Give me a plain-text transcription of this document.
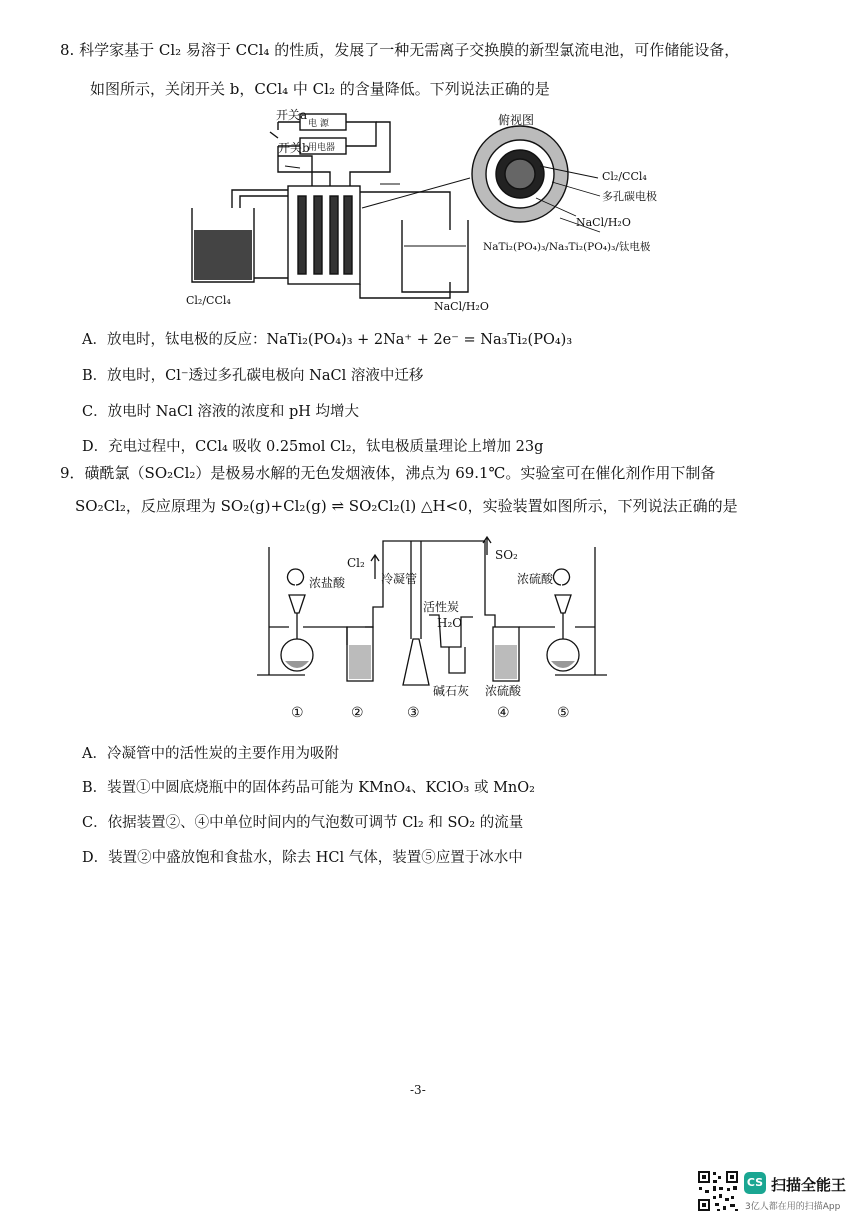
8. 科学家基于 Cl₂ 易溶于 CCl₄ 的性质，发展了一种无需离子交换膜的新型氯流电池，可作储能设备，
如图所示，关闭开关 b，CCl₄ 中 Cl₂ 的含量降低。下列说法正确的是
开关a
开关b
电 源
用电器
俯视图
Cl₂/CCl₄
多孔碳电极
NaCl/H₂O
NaTi₂(PO₄)₃/Na₃Ti₂(PO₄)₃/钛电极
Cl₂/CCl₄	NaCl/H₂O
A．放电时，钛电极的反应：NaTi₂(PO₄)₃ + 2Na⁺ + 2e⁻ = Na₃Ti₂(PO₄)₃
B．放电时，Cl⁻透过多孔碳电极向 NaCl 溶液中迁移
C．放电时 NaCl 溶液的浓度和 pH 均增大
D．充电过程中，CCl₄ 吸收 0.25mol Cl₂，钛电极质量理论上增加 23g
9．磺酰氯（SO₂Cl₂）是极易水解的无色发烟液体，沸点为 69.1℃。实验室可在催化剂作用下制备
SO₂Cl₂，反应原理为 SO₂(g)+Cl₂(g) ⇌ SO₂Cl₂(l) △H<0，实验装置如图所示，下列说法正确的是
Cl₂
SO₂
浓盐酸	冷凝管
活性炭
H₂O
浓硫酸
碱石灰 浓硫酸
①	②	③	④	⑤
A．冷凝管中的活性炭的主要作用为吸附
B．装置①中圆底烧瓶中的固体药品可能为 KMnO₄、KClO₃ 或 MnO₂
C．依据装置②、④中单位时间内的气泡数可调节 Cl₂ 和 SO₂ 的流量
D．装置②中盛放饱和食盐水，除去 HCl 气体，装置⑤应置于冰水中
-3-
CS 扫描全能王
3亿人都在用的扫描App
